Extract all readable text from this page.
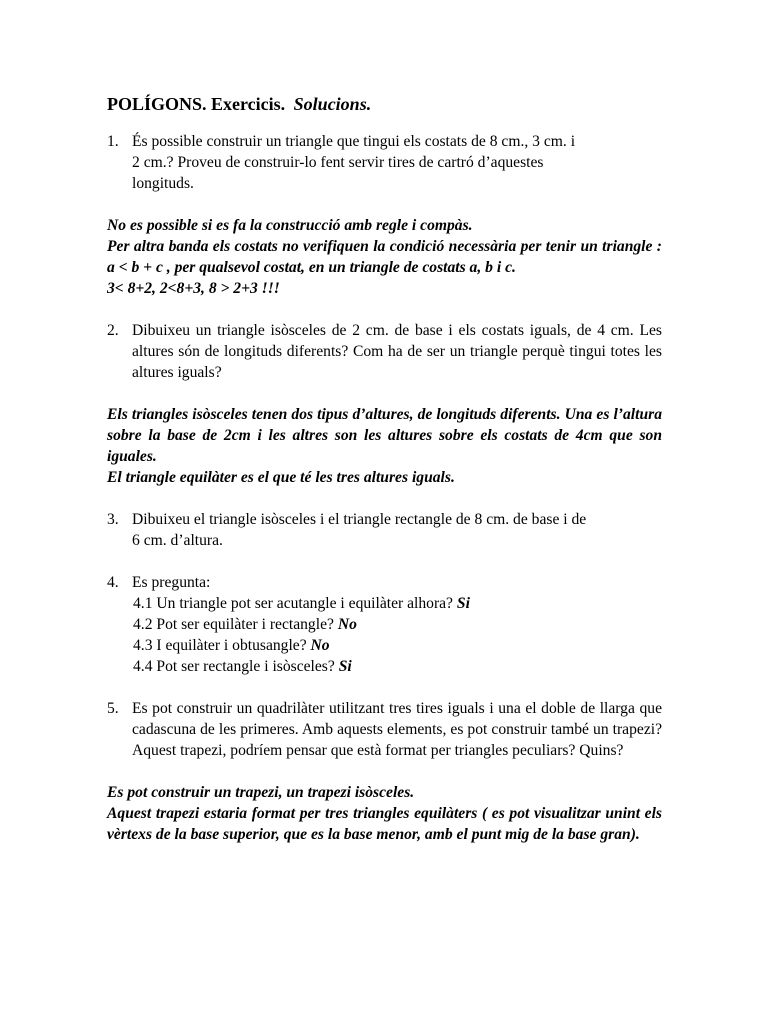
POLÍGONS. Exercicis. Solucions.
1. És possible construir un triangle que tingui els costats de 8 cm., 3 cm. i
2 cm.? Proveu de construir-lo fent servir tires de cartró d’aquestes
longituds.
No es possible si es fa la construcció amb regle i compàs.
Per altra banda els costats no verifiquen la condició necessària per tenir un triangle : a < b + c , per qualsevol costat, en un triangle de costats a, b i c.
3< 8+2, 2<8+3, 8 > 2+3 !!!
2. Dibuixeu un triangle isòsceles de 2 cm. de base i els costats iguals, de 4 cm. Les altures són de longituds diferents? Com ha de ser un triangle perquè tingui totes les altures iguals?
Els triangles isòsceles tenen dos tipus d’altures, de longituds diferents. Una es l’altura sobre la base de 2cm i les altres son les altures sobre els costats de 4cm que son iguales.
El triangle equilàter es el que té les tres altures iguals.
3. Dibuixeu el triangle isòsceles i el triangle rectangle de 8 cm. de base i de
6 cm. d’altura.
4. Es pregunta:
4.1 Un triangle pot ser acutangle i equilàter alhora? Si
4.2 Pot ser equilàter i rectangle? No
4.3 I equilàter i obtusangle? No
4.4 Pot ser rectangle i isòsceles? Si
5. Es pot construir un quadrilàter utilitzant tres tires iguals i una el doble de llarga que cadascuna de les primeres. Amb aquests elements, es pot construir també un trapezi?    Aquest trapezi, podríem pensar que està format per triangles peculiars? Quins?
Es pot construir un trapezi, un trapezi isòsceles.
Aquest trapezi estaria format per tres triangles equilàters ( es pot visualitzar unint els vèrtexs de la base superior, que es la base menor, amb el punt mig de la base gran).
